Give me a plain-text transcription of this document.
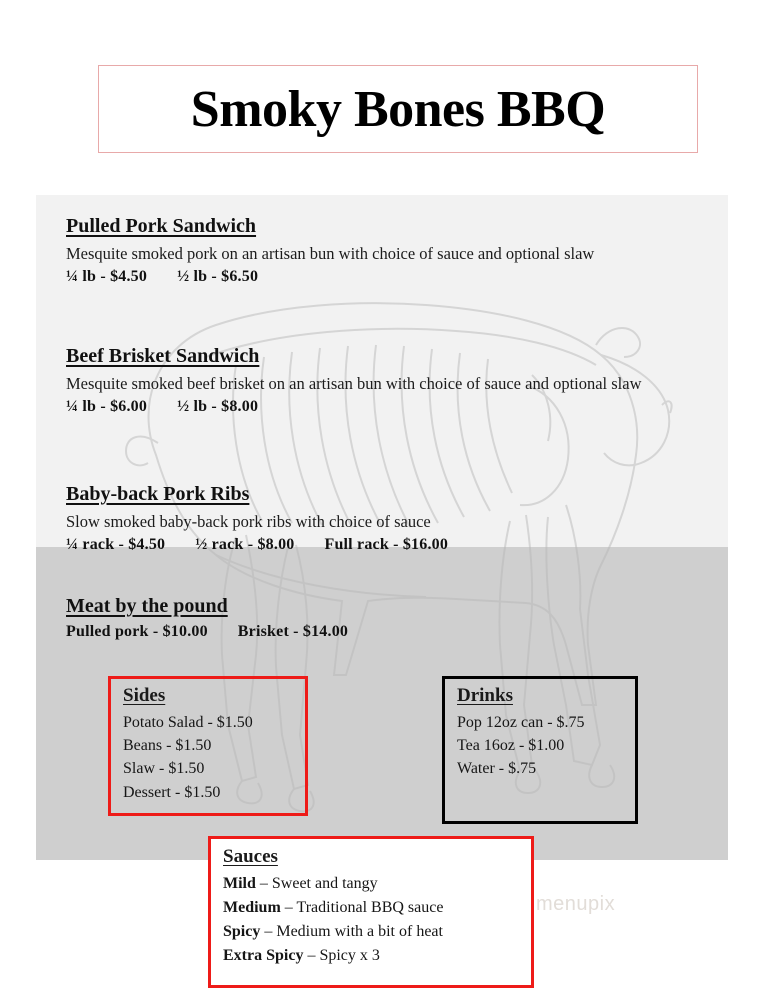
Smoky Bones BBQ
Pulled Pork Sandwich
Mesquite smoked pork on an artisan bun with choice of sauce and optional slaw
¼ lb - $4.50 ½ lb - $6.50
Beef Brisket Sandwich
Mesquite smoked beef brisket on an artisan bun with choice of sauce and optional slaw
¼ lb - $6.00 ½ lb - $8.00
Baby-back Pork Ribs
Slow smoked baby-back pork ribs with choice of sauce
¼ rack - $4.50 ½ rack - $8.00 Full rack - $16.00
Meat by the pound
Pulled pork - $10.00 Brisket - $14.00
Sides
Potato Salad - $1.50
Beans - $1.50
Slaw - $1.50
Dessert - $1.50
Drinks
Pop 12oz can - $.75
Tea 16oz - $1.00
Water - $.75
Sauces
Mild – Sweet and tangy
Medium – Traditional BBQ sauce
Spicy – Medium with a bit of heat
Extra Spicy – Spicy x 3
menupix
